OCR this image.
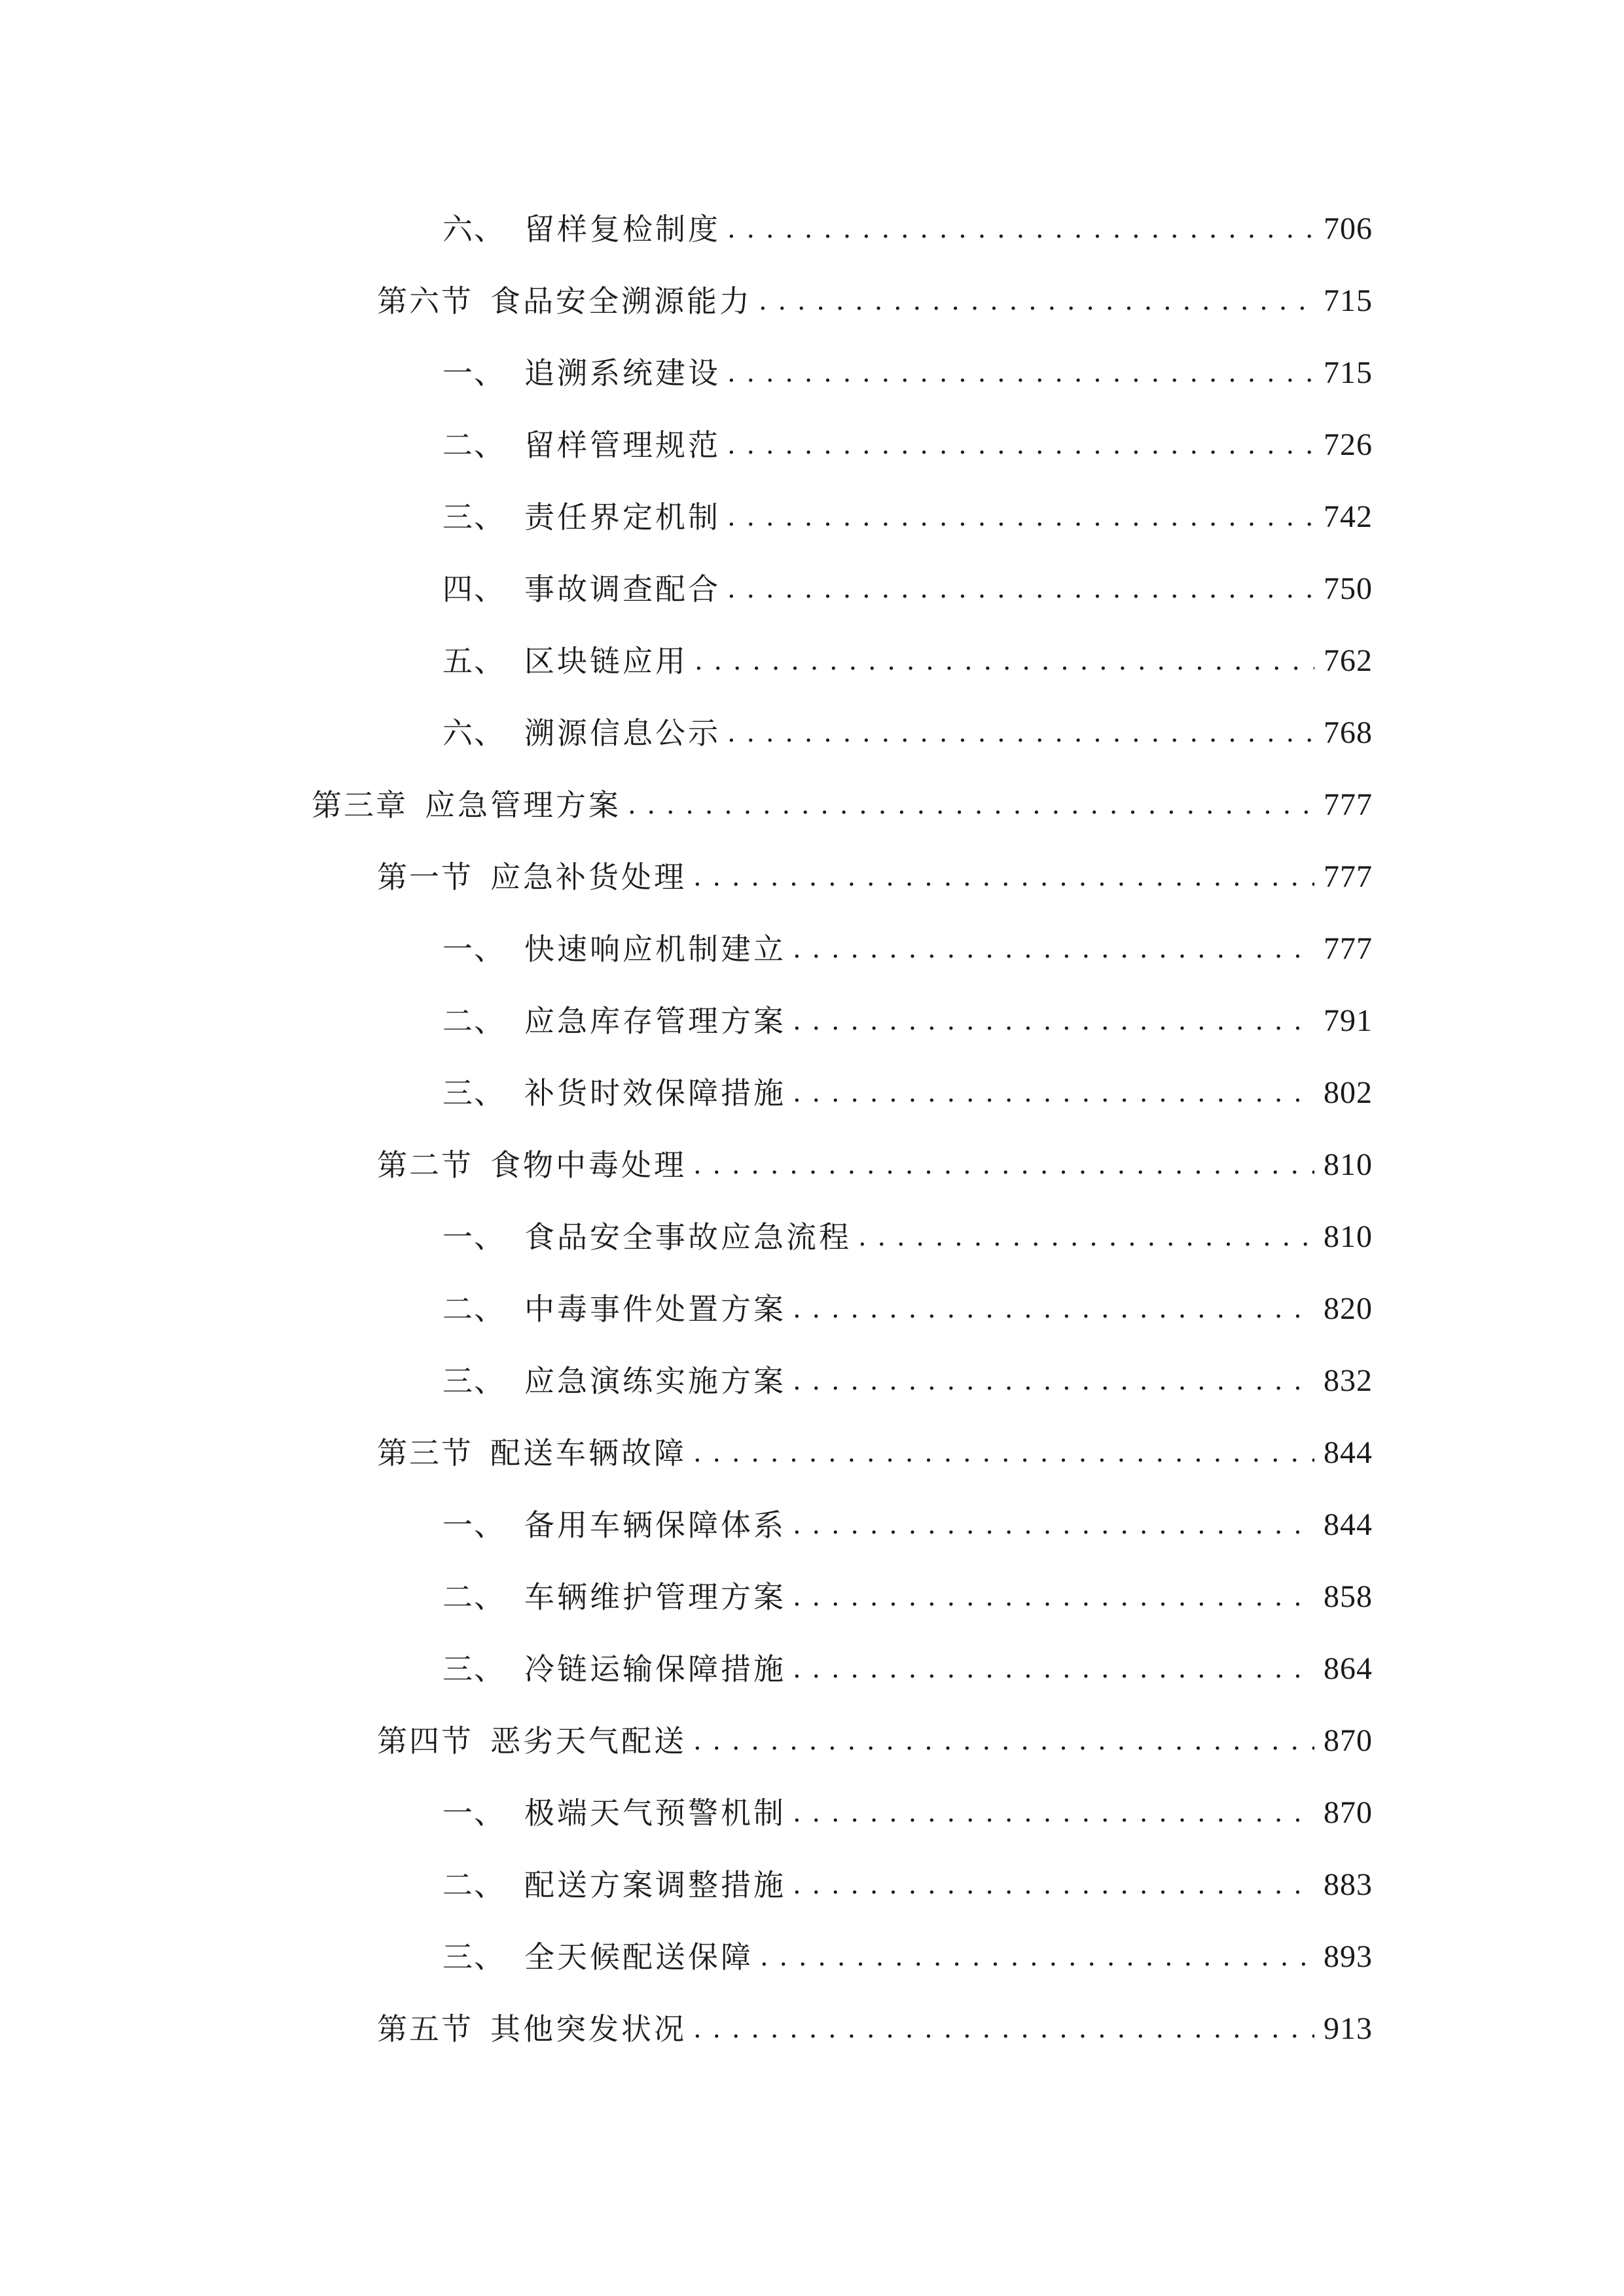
六、 留样复检制度 . . .	706
第六节 食品安全溯源能力 . . .	715
一、 追溯系统建设 . . .	715
二、 留样管理规范 . . .	726
三、 责任界定机制 . . .	742
四、 事故调查配合 . . .	750
五、 区块链应用 . . .	762
六、 溯源信息公示 . . .	768
第三章 应急管理方案 . . .	777
第一节 应急补货处理 . . .	777
一、 快速响应机制建立 . . .	777
二、 应急库存管理方案 . . .	791
三、 补货时效保障措施 . . .	802
第二节 食物中毒处理 . . .	810
一、 食品安全事故应急流程 . . .	810
二、 中毒事件处置方案 . . .	820
三、 应急演练实施方案 . . .	832
第三节 配送车辆故障 . . .	844
一、 备用车辆保障体系 . . .	844
二、 车辆维护管理方案 . . .	858
三、 冷链运输保障措施 . . .	864
第四节 恶劣天气配送 . . .	870
一、 极端天气预警机制 . . .	870
二、 配送方案调整措施 . . .	883
三、 全天候配送保障 . . .	893
第五节 其他突发状况 . . .	913
